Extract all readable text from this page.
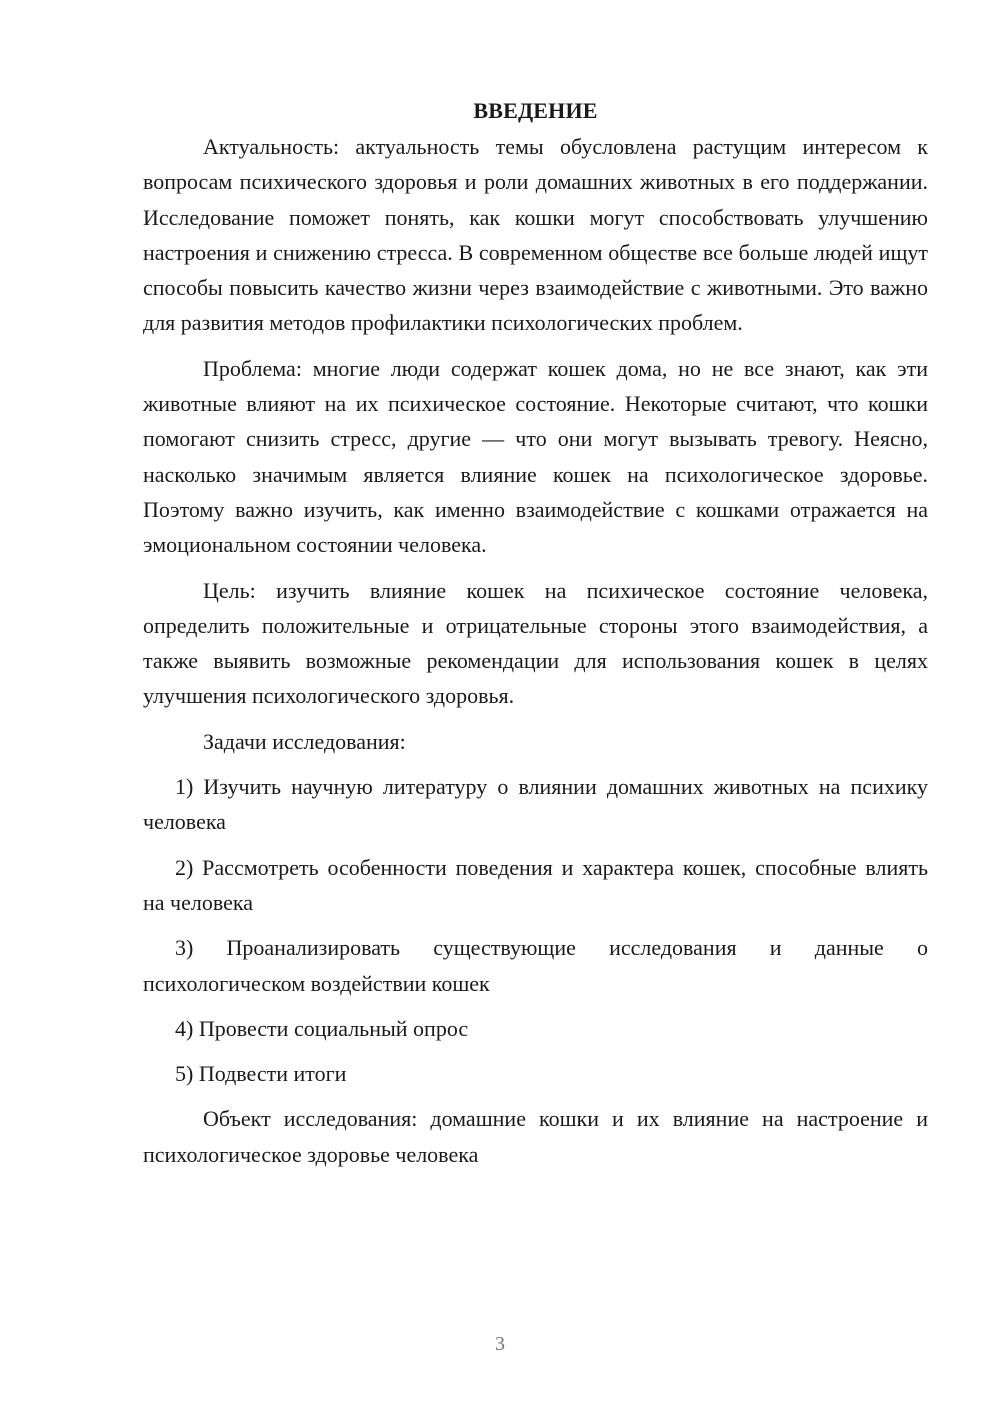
ВВЕДЕНИЕ

Актуальность: актуальность темы обусловлена растущим интересом к вопросам психического здоровья и роли домашних животных в его поддержании. Исследование поможет понять, как кошки могут способствовать улучшению настроения и снижению стресса. В современном обществе все больше людей ищут способы повысить качество жизни через взаимодействие с животными. Это важно для развития методов профилактики психологических проблем.

Проблема: многие люди содержат кошек дома, но не все знают, как эти животные влияют на их психическое состояние. Некоторые считают, что кошки помогают снизить стресс, другие — что они могут вызывать тревогу. Неясно, насколько значимым является влияние кошек на психологическое здоровье. Поэтому важно изучить, как именно взаимодействие с кошками отражается на эмоциональном состоянии человека.

Цель: изучить влияние кошек на психическое состояние человека, определить положительные и отрицательные стороны этого взаимодействия, а также выявить возможные рекомендации для использования кошек в целях улучшения психологического здоровья.

Задачи исследования:

1) Изучить научную литературу о влиянии домашних животных на психику человека

2) Рассмотреть особенности поведения и характера кошек, способные влиять на человека

3) Проанализировать существующие исследования и данные о психологическом воздействии кошек

4) Провести социальный опрос

5) Подвести итоги

Объект исследования: домашние кошки и их влияние на настроение и психологическое здоровье человека

3
